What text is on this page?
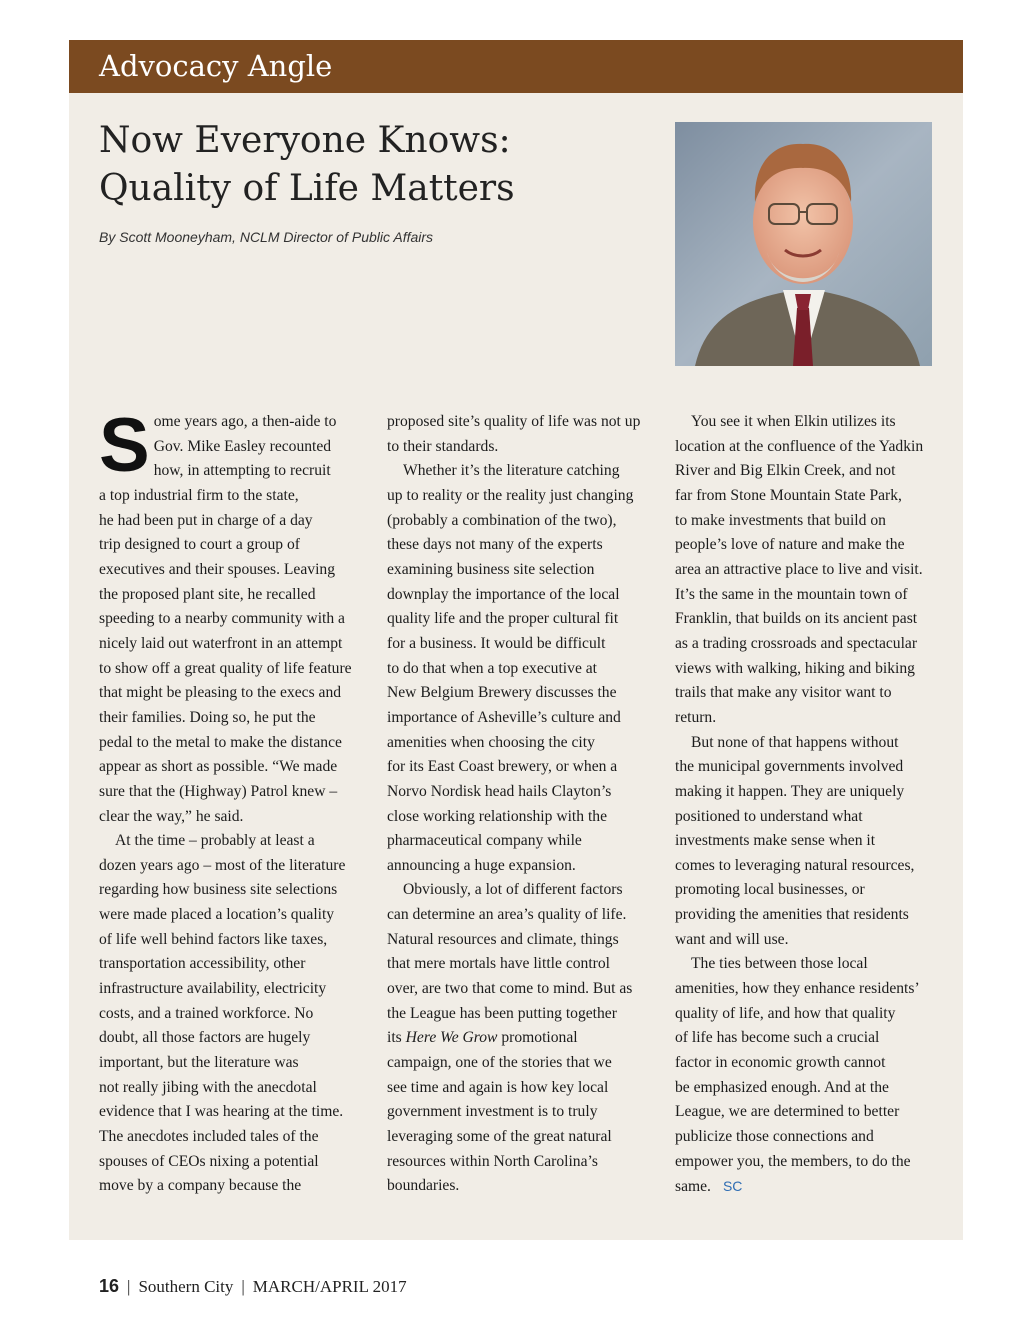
Advocacy Angle
Now Everyone Knows:
Quality of Life Matters
By Scott Mooneyham, NCLM Director of Public Affairs

S ome years ago, a then-aide to
Gov. Mike Easley recounted
how, in attempting to recruit
a top industrial firm to the state,
he had been put in charge of a day
trip designed to court a group of
executives and their spouses. Leaving
the proposed plant site, he recalled
speeding to a nearby community with a
nicely laid out waterfront in an attempt
to show off a great quality of life feature
that might be pleasing to the execs and
their families. Doing so, he put the
pedal to the metal to make the distance
appear as short as possible. “We made
sure that the (Highway) Patrol knew –
clear the way,” he said.

At the time – probably at least a
dozen years ago – most of the literature
regarding how business site selections
were made placed a location’s quality
of life well behind factors like taxes,
transportation accessibility, other
infrastructure availability, electricity
costs, and a trained workforce. No
doubt, all those factors are hugely
important, but the literature was
not really jibing with the anecdotal
evidence that I was hearing at the time.
The anecdotes included tales of the
spouses of CEOs nixing a potential
move by a company because the

proposed site’s quality of life was not up
to their standards.

Whether it’s the literature catching
up to reality or the reality just changing
(probably a combination of the two),
these days not many of the experts
examining business site selection
downplay the importance of the local
quality life and the proper cultural fit
for a business. It would be difficult
to do that when a top executive at
New Belgium Brewery discusses the
importance of Asheville’s culture and
amenities when choosing the city
for its East Coast brewery, or when a
Norvo Nordisk head hails Clayton’s
close working relationship with the
pharmaceutical company while
announcing a huge expansion.

Obviously, a lot of different factors
can determine an area’s quality of life.
Natural resources and climate, things
that mere mortals have little control
over, are two that come to mind. But as
the League has been putting together
its Here We Grow promotional
campaign, one of the stories that we
see time and again is how key local
government investment is to truly
leveraging some of the great natural
resources within North Carolina’s
boundaries.

You see it when Elkin utilizes its
location at the confluence of the Yadkin
River and Big Elkin Creek, and not
far from Stone Mountain State Park,
to make investments that build on
people’s love of nature and make the
area an attractive place to live and visit.
It’s the same in the mountain town of
Franklin, that builds on its ancient past
as a trading crossroads and spectacular
views with walking, hiking and biking
trails that make any visitor want to
return.

But none of that happens without
the municipal governments involved
making it happen. They are uniquely
positioned to understand what
investments make sense when it
comes to leveraging natural resources,
promoting local businesses, or
providing the amenities that residents
want and will use.

The ties between those local
amenities, how they enhance residents’
quality of life, and how that quality
of life has become such a crucial
factor in economic growth cannot
be emphasized enough. And at the
League, we are determined to better
publicize those connections and
empower you, the members, to do the
same. SC

16 | Southern City | MARCH/APRIL 2017
